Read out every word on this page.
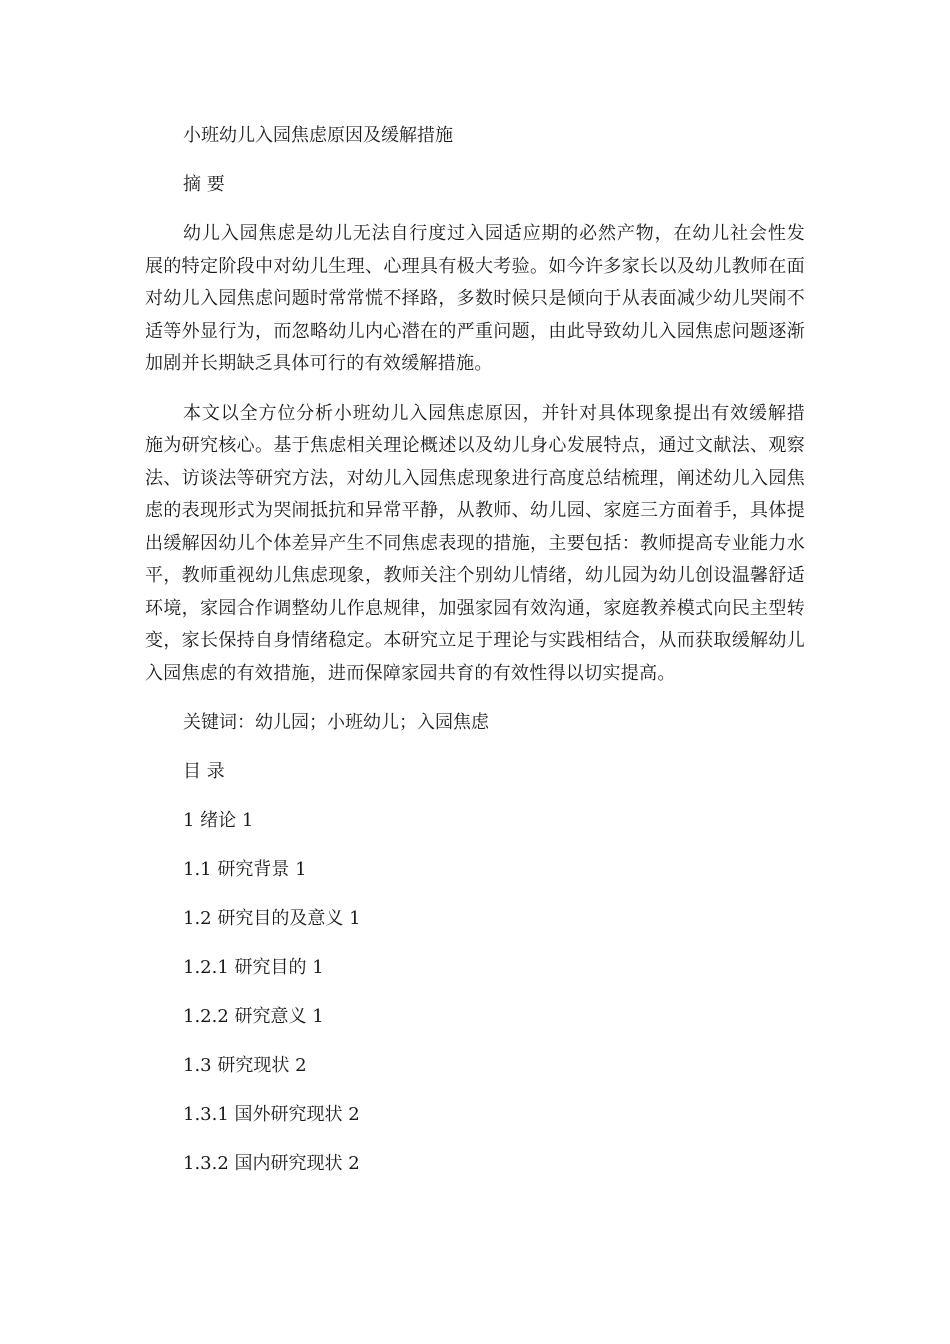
小班幼儿入园焦虑原因及缓解措施

摘 要

幼儿入园焦虑是幼儿无法自行度过入园适应期的必然产物，在幼儿社会性发展的特定阶段中对幼儿生理、心理具有极大考验。如今许多家长以及幼儿教师在面对幼儿入园焦虑问题时常常慌不择路，多数时候只是倾向于从表面减少幼儿哭闹不适等外显行为，而忽略幼儿内心潜在的严重问题，由此导致幼儿入园焦虑问题逐渐加剧并长期缺乏具体可行的有效缓解措施。

本文以全方位分析小班幼儿入园焦虑原因，并针对具体现象提出有效缓解措施为研究核心。基于焦虑相关理论概述以及幼儿身心发展特点，通过文献法、观察法、访谈法等研究方法，对幼儿入园焦虑现象进行高度总结梳理，阐述幼儿入园焦虑的表现形式为哭闹抵抗和异常平静，从教师、幼儿园、家庭三方面着手，具体提出缓解因幼儿个体差异产生不同焦虑表现的措施，主要包括：教师提高专业能力水平，教师重视幼儿焦虑现象，教师关注个别幼儿情绪，幼儿园为幼儿创设温馨舒适环境，家园合作调整幼儿作息规律，加强家园有效沟通，家庭教养模式向民主型转变，家长保持自身情绪稳定。本研究立足于理论与实践相结合，从而获取缓解幼儿入园焦虑的有效措施，进而保障家园共育的有效性得以切实提高。

关键词：幼儿园；小班幼儿；入园焦虑

目 录

1 绪论 1

1.1 研究背景 1

1.2 研究目的及意义 1

1.2.1 研究目的 1

1.2.2 研究意义 1

1.3 研究现状 2

1.3.1 国外研究现状 2

1.3.2 国内研究现状 2
